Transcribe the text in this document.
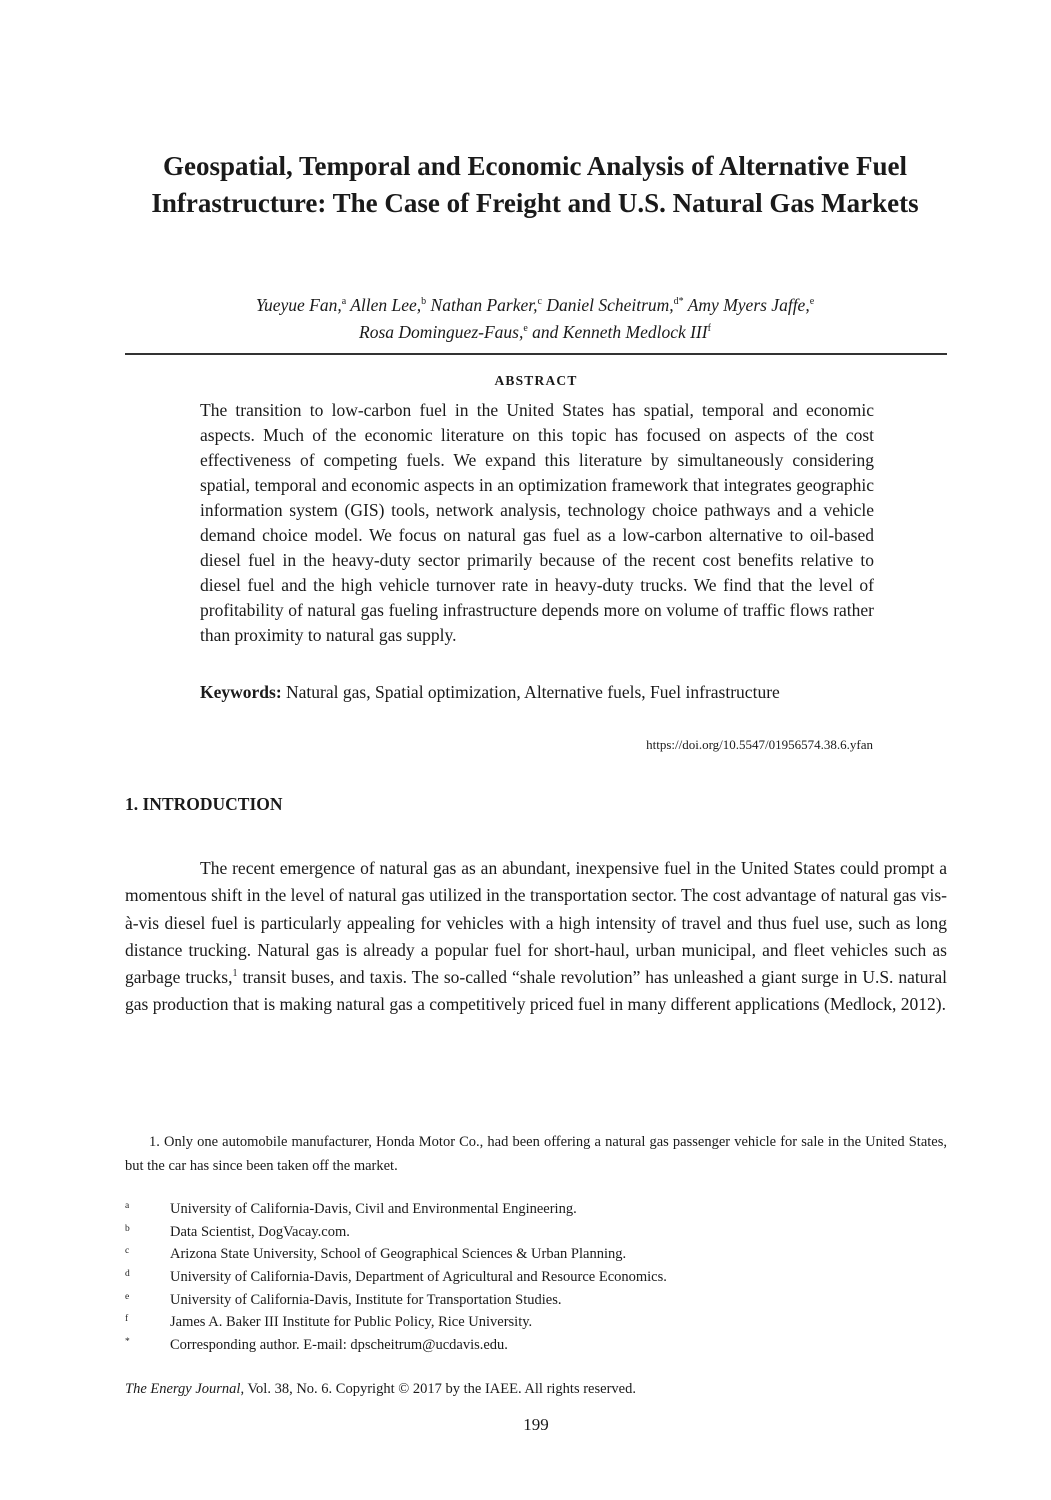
Geospatial, Temporal and Economic Analysis of Alternative Fuel Infrastructure: The Case of Freight and U.S. Natural Gas Markets
Yueyue Fan,$^a$ Allen Lee,$^b$ Nathan Parker,$^c$ Daniel Scheitrum,$^{d*}$ Amy Myers Jaffe,$^e$
Rosa Dominguez-Faus,$^e$ and Kenneth Medlock III$^f$
ABSTRACT

The transition to low-carbon fuel in the United States has spatial, temporal and economic aspects. Much of the economic literature on this topic has focused on aspects of the cost effectiveness of competing fuels. We expand this literature by simultaneously considering spatial, temporal and economic aspects in an optimization framework that integrates geographic information system (GIS) tools, network analysis, technology choice pathways and a vehicle demand choice model. We focus on natural gas fuel as a low-carbon alternative to oil-based diesel fuel in the heavy-duty sector primarily because of the recent cost benefits relative to diesel fuel and the high vehicle turnover rate in heavy-duty trucks. We find that the level of profitability of natural gas fueling infrastructure depends more on volume of traffic flows rather than proximity to natural gas supply.

Keywords: Natural gas, Spatial optimization, Alternative fuels, Fuel infrastructure

https://doi.org/10.5547/01956574.38.6.yfan
1. INTRODUCTION

The recent emergence of natural gas as an abundant, inexpensive fuel in the United States could prompt a momentous shift in the level of natural gas utilized in the transportation sector. The cost advantage of natural gas vis-à-vis diesel fuel is particularly appealing for vehicles with a high intensity of travel and thus fuel use, such as long distance trucking. Natural gas is already a popular fuel for short-haul, urban municipal, and fleet vehicles such as garbage trucks,$^1$ transit buses, and taxis. The so-called “shale revolution” has unleashed a giant surge in U.S. natural gas production that is making natural gas a competitively priced fuel in many different applications (Medlock, 2012).

1. Only one automobile manufacturer, Honda Motor Co., had been offering a natural gas passenger vehicle for sale in the United States, but the car has since been taken off the market.

a	University of California-Davis, Civil and Environmental Engineering.
b	Data Scientist, DogVacay.com.
c	Arizona State University, School of Geographical Sciences & Urban Planning.
d	University of California-Davis, Department of Agricultural and Resource Economics.
e	University of California-Davis, Institute for Transportation Studies.
f	James A. Baker III Institute for Public Policy, Rice University.
*	Corresponding author. E-mail: dpscheitrum@ucdavis.edu.
The Energy Journal, Vol. 38, No. 6. Copyright © 2017 by the IAEE. All rights reserved.
199
